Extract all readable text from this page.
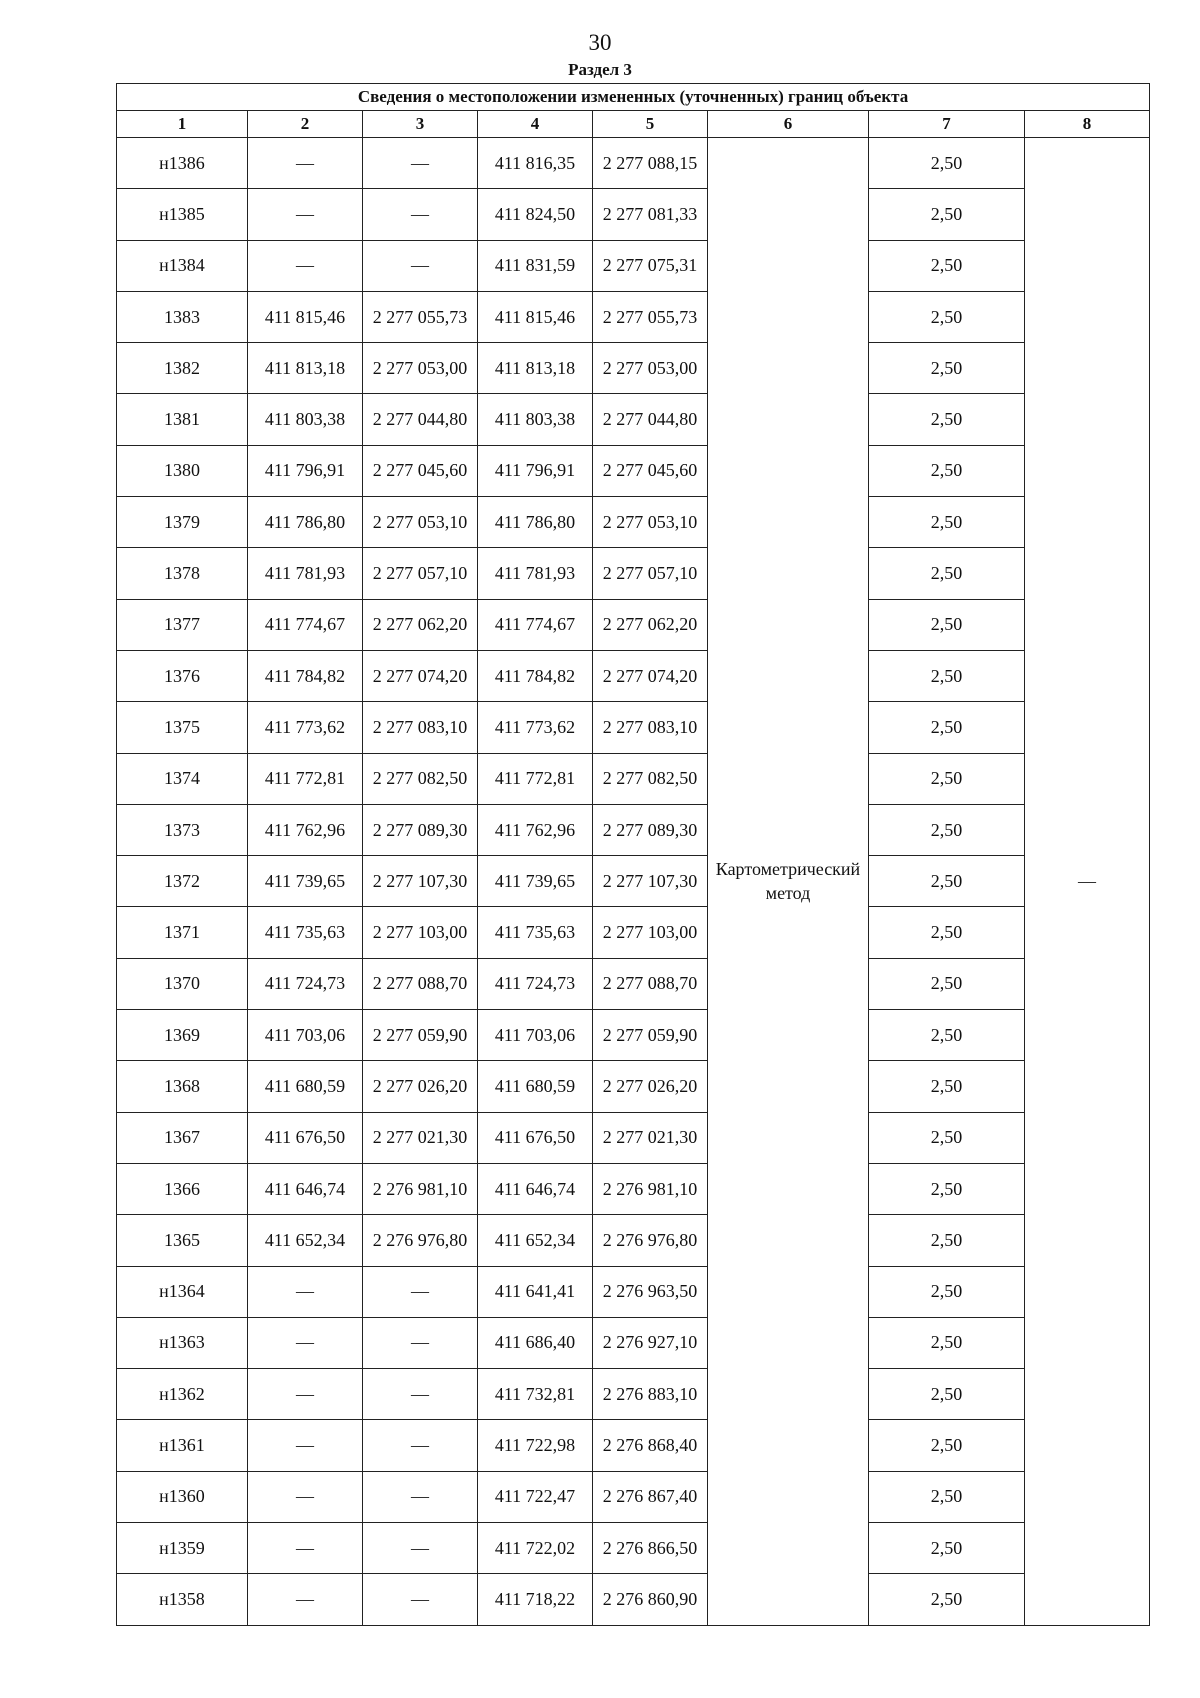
30
Раздел 3
Сведения о местоположении измененных (уточненных) границ объекта							
1	2	3	4	5	6	7	8
н1386	—	—	411 816,35	2 277 088,15	Картометрический метод	2,50	—
н1385	—	—	411 824,50	2 277 081,33		2,50	
н1384	—	—	411 831,59	2 277 075,31		2,50	
1383	411 815,46	2 277 055,73	411 815,46	2 277 055,73		2,50	
1382	411 813,18	2 277 053,00	411 813,18	2 277 053,00		2,50	
1381	411 803,38	2 277 044,80	411 803,38	2 277 044,80		2,50	
1380	411 796,91	2 277 045,60	411 796,91	2 277 045,60		2,50	
1379	411 786,80	2 277 053,10	411 786,80	2 277 053,10		2,50	
1378	411 781,93	2 277 057,10	411 781,93	2 277 057,10		2,50	
1377	411 774,67	2 277 062,20	411 774,67	2 277 062,20		2,50	
1376	411 784,82	2 277 074,20	411 784,82	2 277 074,20		2,50	
1375	411 773,62	2 277 083,10	411 773,62	2 277 083,10		2,50	
1374	411 772,81	2 277 082,50	411 772,81	2 277 082,50		2,50	
1373	411 762,96	2 277 089,30	411 762,96	2 277 089,30		2,50	
1372	411 739,65	2 277 107,30	411 739,65	2 277 107,30		2,50	
1371	411 735,63	2 277 103,00	411 735,63	2 277 103,00		2,50	
1370	411 724,73	2 277 088,70	411 724,73	2 277 088,70		2,50	
1369	411 703,06	2 277 059,90	411 703,06	2 277 059,90		2,50	
1368	411 680,59	2 277 026,20	411 680,59	2 277 026,20		2,50	
1367	411 676,50	2 277 021,30	411 676,50	2 277 021,30		2,50	
1366	411 646,74	2 276 981,10	411 646,74	2 276 981,10		2,50	
1365	411 652,34	2 276 976,80	411 652,34	2 276 976,80		2,50	
н1364	—	—	411 641,41	2 276 963,50		2,50	
н1363	—	—	411 686,40	2 276 927,10		2,50	
н1362	—	—	411 732,81	2 276 883,10		2,50	
н1361	—	—	411 722,98	2 276 868,40		2,50	
н1360	—	—	411 722,47	2 276 867,40		2,50	
н1359	—	—	411 722,02	2 276 866,50		2,50	
н1358	—	—	411 718,22	2 276 860,90		2,50	
